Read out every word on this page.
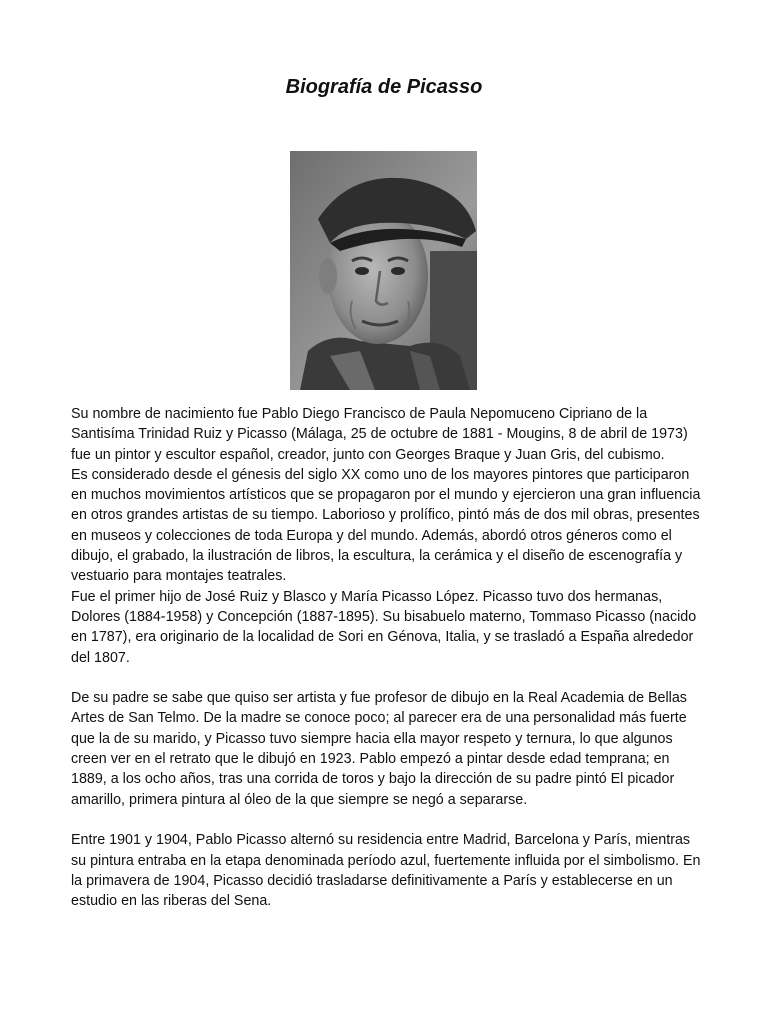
Biografía de Picasso

Su nombre de nacimiento fue Pablo Diego Francisco de Paula Nepomuceno Cipriano de la Santisíma Trinidad Ruiz y Picasso (Málaga, 25 de octubre de 1881 - Mougins, 8 de abril de 1973) fue un pintor y escultor español, creador, junto con Georges Braque y Juan Gris, del cubismo.

Es considerado desde el génesis del siglo XX como uno de los mayores pintores que participaron en muchos movimientos artísticos que se propagaron por el mundo y ejercieron una gran influencia en otros grandes artistas de su tiempo. Laborioso y prolífico, pintó más de dos mil obras, presentes en museos y colecciones de toda Europa y del mundo. Además, abordó otros géneros como el dibujo, el grabado, la ilustración de libros, la escultura, la cerámica y el diseño de escenografía y vestuario para montajes teatrales.

Fue el primer hijo de José Ruiz y Blasco y María Picasso López. Picasso tuvo dos hermanas, Dolores (1884-1958) y Concepción (1887-1895). Su bisabuelo materno, Tommaso Picasso (nacido en 1787), era originario de la localidad de Sori en Génova, Italia, y se trasladó a España alrededor del 1807.

De su padre se sabe que quiso ser artista y fue profesor de dibujo en la Real Academia de Bellas Artes de San Telmo. De la madre se conoce poco; al parecer era de una personalidad más fuerte que la de su marido, y Picasso tuvo siempre hacia ella mayor respeto y ternura, lo que algunos creen ver en el retrato que le dibujó en 1923. Pablo empezó a pintar desde edad temprana; en 1889, a los ocho años, tras una corrida de toros y bajo la dirección de su padre pintó El picador amarillo, primera pintura al óleo de la que siempre se negó a separarse.

Entre 1901 y 1904, Pablo Picasso alternó su residencia entre Madrid, Barcelona y París, mientras su pintura entraba en la etapa denominada período azul, fuertemente influida por el simbolismo. En la primavera de 1904, Picasso decidió trasladarse definitivamente a París y establecerse en un estudio en las riberas del Sena.
